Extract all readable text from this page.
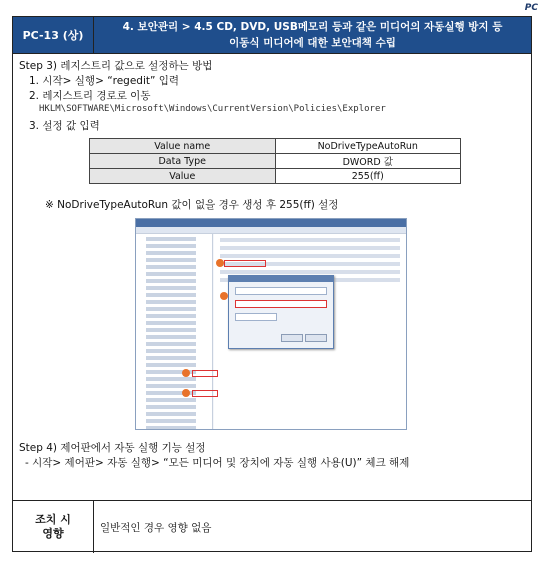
PC
PC-13 (상)
4. 보안관리 > 4.5 CD, DVD, USB메모리 등과 같은 미디어의 자동실행 방지 등
이동식 미디어에 대한 보안대책 수립
Step 3) 레지스트리 값으로 설정하는 방법
1. 시작> 실행> “regedit” 입력
2. 레지스트리 경로로 이동
HKLM\SOFTWARE\Microsoft\Windows\CurrentVersion\Policies\Explorer
3. 설정 값 입력
Value name	NoDriveTypeAutoRun
Data Type	DWORD 값
Value	255(ff)
※ NoDriveTypeAutoRun 값이 없을 경우 생성 후 255(ff) 설정
Step 4) 제어판에서 자동 실행 기능 설정
- 시작> 제어판> 자동 실행> “모든 미디어 및 장치에 자동 실행 사용(U)” 체크 해제
조치 시
영향	일반적인 경우 영향 없음
